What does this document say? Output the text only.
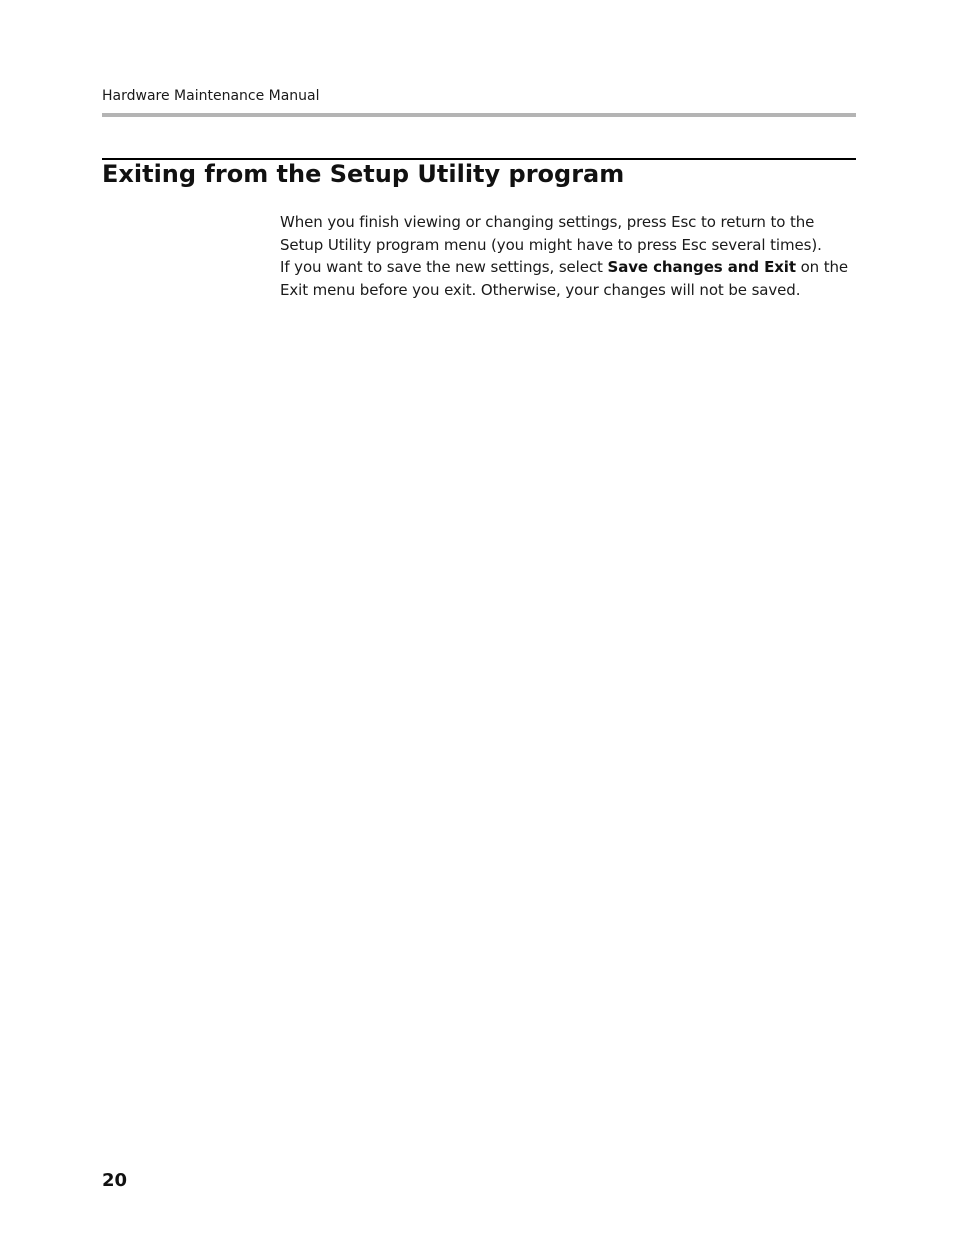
Hardware Maintenance Manual
Exiting from the Setup Utility program

When you finish viewing or changing settings, press Esc to return to the
Setup Utility program menu (you might have to press Esc several times).
If you want to save the new settings, select Save changes and Exit on the
Exit menu before you exit. Otherwise, your changes will not be saved.

20
